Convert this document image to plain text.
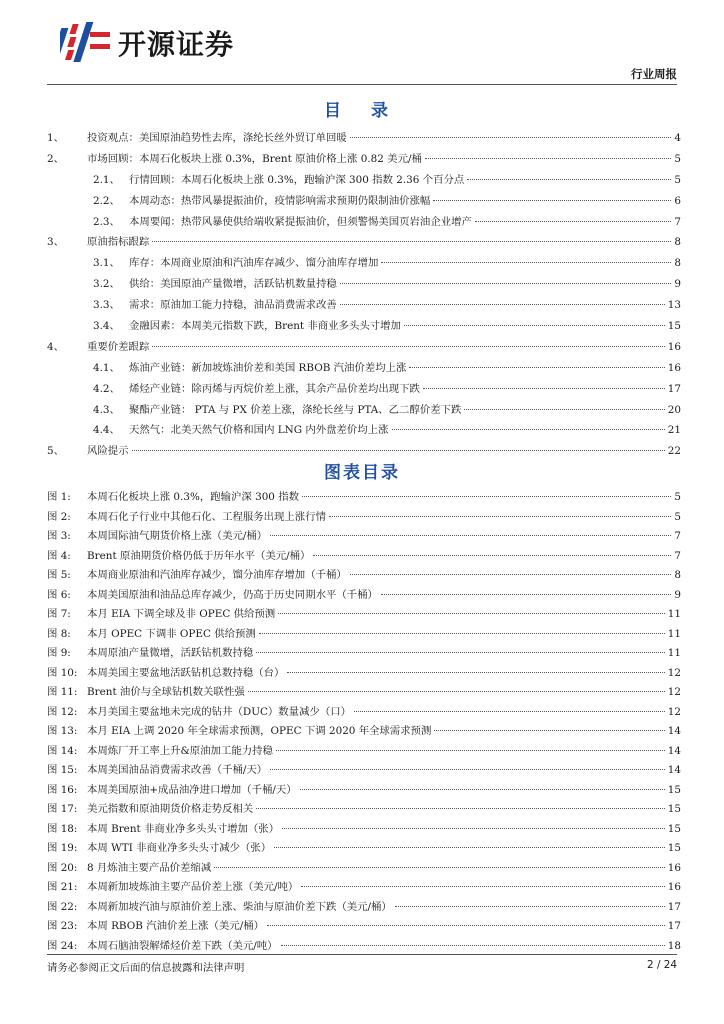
开源证券
行业周报
目 录
1、	投资观点：美国原油趋势性去库，涤纶长丝外贸订单回暖	4
2、	市场回顾：本周石化板块上涨 0.3%，Brent 原油价格上涨 0.82 美元/桶	5
2.1、 行情回顾：本周石化板块上涨 0.3%，跑输沪深 300 指数 2.36 个百分点	5
2.2、 本周动态：热带风暴提振油价，疫情影响需求预期仍限制油价涨幅	6
2.3、 本周要闻：热带风暴使供给端收紧提振油价，但须警惕美国页岩油企业增产	7
3、	原油指标跟踪	8
3.1、 库存：本周商业原油和汽油库存减少、馏分油库存增加	8
3.2、 供给：美国原油产量微增，活跃钻机数量持稳	9
3.3、 需求：原油加工能力持稳，油品消费需求改善	13
3.4、 金融因素：本周美元指数下跌，Brent 非商业多头头寸增加	15
4、	重要价差跟踪	16
4.1、 炼油产业链：新加坡炼油价差和美国 RBOB 汽油价差均上涨	16
4.2、 烯烃产业链：除丙烯与丙烷价差上涨，其余产品价差均出现下跌	17
4.3、 聚酯产业链： PTA 与 PX 价差上涨，涤纶长丝与 PTA、乙二醇价差下跌	20
4.4、 天然气：北美天然气价格和国内 LNG 内外盘差价均上涨	21
5、	风险提示	22
图表目录
图 1:	本周石化板块上涨 0.3%，跑输沪深 300 指数	5
图 2:	本周石化子行业中其他石化、工程服务出现上涨行情	5
图 3:	本周国际油气期货价格上涨（美元/桶）	7
图 4:	Brent 原油期货价格仍低于历年水平（美元/桶）	7
图 5:	本周商业原油和汽油库存减少，馏分油库存增加（千桶）	8
图 6:	本周美国原油和油品总库存减少，仍高于历史同期水平（千桶）	9
图 7:	本月 EIA 下调全球及非 OPEC 供给预测	11
图 8:	本月 OPEC 下调非 OPEC 供给预测	11
图 9:	本周原油产量微增，活跃钻机数持稳	11
图 10: 本周美国主要盆地活跃钻机总数持稳（台）	12
图 11: Brent 油价与全球钻机数关联性强	12
图 12: 本月美国主要盆地未完成的钻井（DUC）数量减少（口）	12
图 13: 本月 EIA 上调 2020 年全球需求预测，OPEC 下调 2020 年全球需求预测	14
图 14: 本周炼厂开工率上升&原油加工能力持稳	14
图 15: 本周美国油品消费需求改善（千桶/天）	14
图 16: 本周美国原油+成品油净进口增加（千桶/天）	15
图 17: 美元指数和原油期货价格走势反相关	15
图 18: 本周 Brent 非商业净多头头寸增加（张）	15
图 19: 本周 WTI 非商业净多头头寸减少（张）	15
图 20: 8 月炼油主要产品价差缩减	16
图 21: 本周新加坡炼油主要产品价差上涨（美元/吨）	16
图 22: 本周新加坡汽油与原油价差上涨、柴油与原油价差下跌（美元/桶）	17
图 23: 本周 RBOB 汽油价差上涨（美元/桶）	17
图 24: 本周石脑油裂解烯烃价差下跌（美元/吨）	18
请务必参阅正文后面的信息披露和法律声明	2 / 24
